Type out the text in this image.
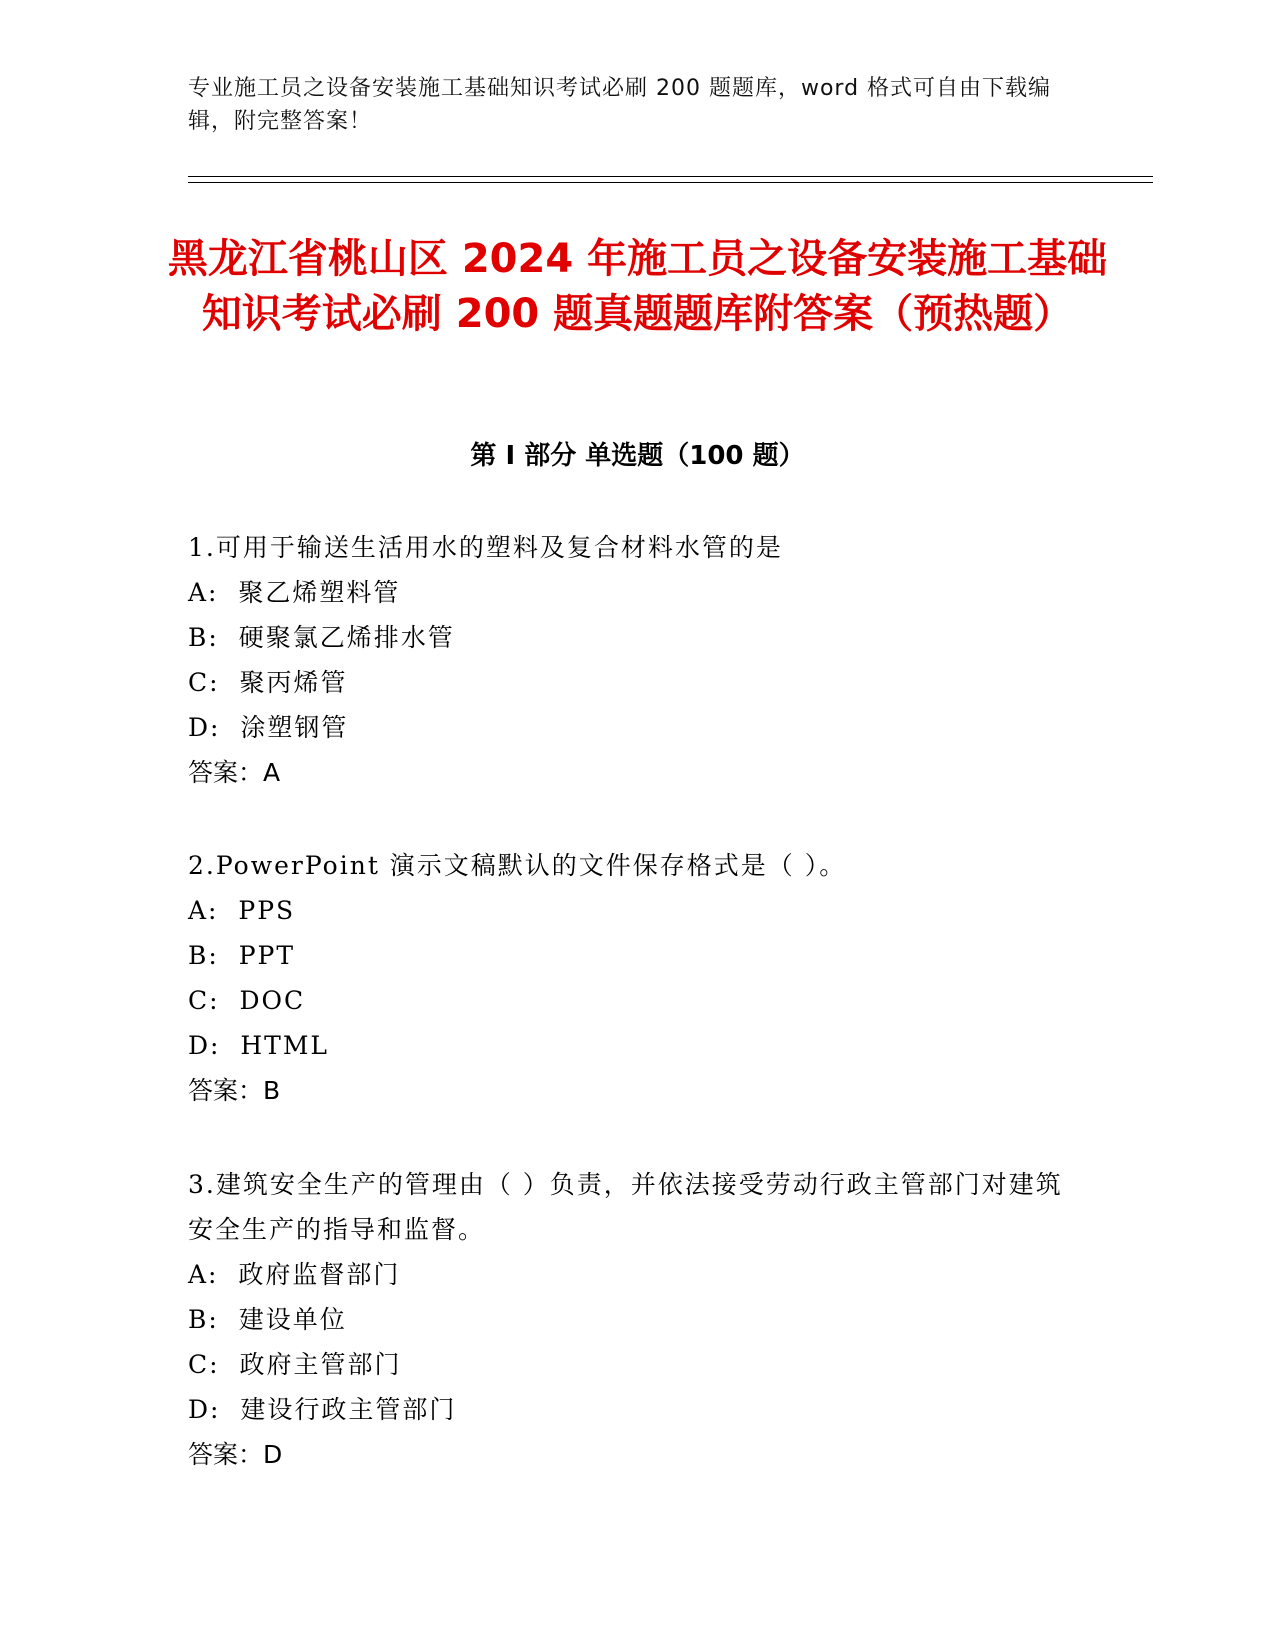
专业施工员之设备安装施工基础知识考试必刷 200 题题库，word 格式可自由下载编辑，附完整答案！
黑龙江省桃山区 2024 年施工员之设备安装施工基础知识考试必刷 200 题真题题库附答案（预热题）
第 I 部分 单选题（100 题）

1.可用于输送生活用水的塑料及复合材料水管的是

A:  聚乙烯塑料管

B:  硬聚氯乙烯排水管

C:  聚丙烯管

D:  涂塑钢管

答案：A

2.PowerPoint 演示文稿默认的文件保存格式是（ ）。

A:  PPS

B:  PPT

C:  DOC

D:  HTML

答案：B

3.建筑安全生产的管理由（ ）负责，并依法接受劳动行政主管部门对建筑安全生产的指导和监督。

A:  政府监督部门

B:  建设单位

C:  政府主管部门

D:  建设行政主管部门

答案：D
